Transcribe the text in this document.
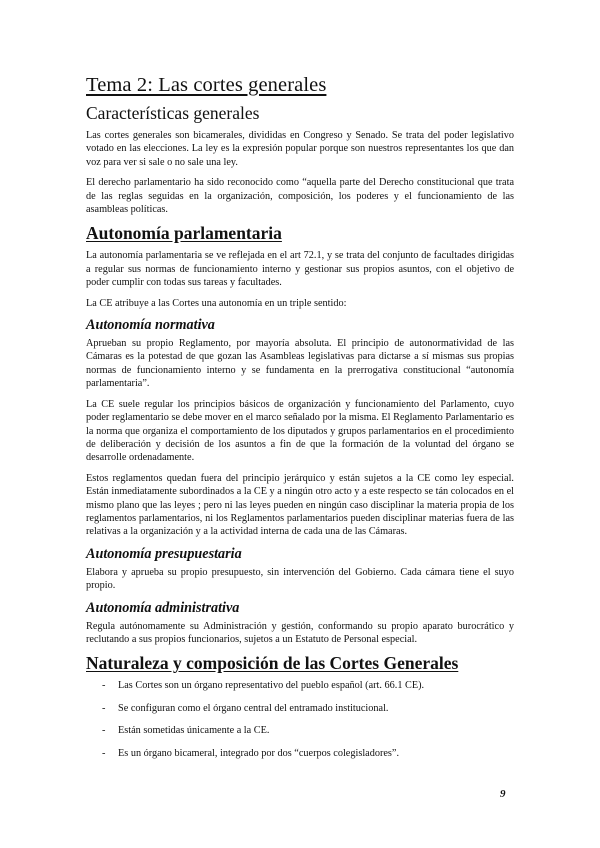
Tema 2: Las cortes generales
Características generales

Las cortes generales son bicamerales, divididas en Congreso y Senado. Se trata del poder legislativo votado en las elecciones. La ley es la expresión popular porque son nuestros representantes los que dan voz para ver si sale o no sale una ley.

El derecho parlamentario ha sido reconocido como “aquella parte del Derecho constitucional que trata de las reglas seguidas en la organización, composición, los poderes y el funcionamiento de las asambleas políticas.

Autonomía parlamentaria

La autonomía parlamentaria se ve reflejada en el art 72.1, y se trata del conjunto de facultades dirigidas a regular sus normas de funcionamiento interno y gestionar sus propios asuntos, con el objetivo de poder cumplir con todas sus tareas y facultades.

La CE atribuye a las Cortes una autonomía en un triple sentido:

Autonomía normativa

Aprueban su propio Reglamento, por mayoría absoluta. El principio de autonormatividad de las Cámaras es la potestad de que gozan las Asambleas legislativas para dictarse a sí mismas sus propias normas de funcionamiento interno y se fundamenta en la prerrogativa constitucional “autonomía parlamentaria”.

La CE suele regular los principios básicos de organización y funcionamiento del Parlamento, cuyo poder reglamentario se debe mover en el marco señalado por la misma. El Reglamento Parlamentario es la norma que organiza el comportamiento de los diputados y grupos parlamentarios en el procedimiento de deliberación y decisión de los asuntos a fin de que la formación de la voluntad del órgano se desarrolle ordenadamente.

Estos reglamentos quedan fuera del principio jerárquico y están sujetos a la CE como ley especial. Están inmediatamente subordinados a la CE y a ningún otro acto y a este respecto se tán colocados en el mismo plano que las leyes ; pero ni las leyes pueden en ningún caso disciplinar la materia propia de los reglamentos parlamentarios, ni los Reglamentos parlamentarios pueden disciplinar materias fuera de las relativas a la organización y a la actividad interna de cada una de las Cámaras.

Autonomía presupuestaria

Elabora y aprueba su propio presupuesto, sin intervención del Gobierno. Cada cámara tiene el suyo propio.

Autonomía administrativa

Regula autónomamente su Administración y gestión, conformando su propio aparato burocrático y reclutando a sus propios funcionarios, sujetos a un Estatuto de Personal especial.

Naturaleza y composición de las Cortes Generales
- Las Cortes son un órgano representativo del pueblo español (art. 66.1 CE).
- Se configuran como el órgano central del entramado institucional.
- Están sometidas únicamente a la CE.
- Es un órgano bicameral, integrado por dos “cuerpos colegisladores”.
9
